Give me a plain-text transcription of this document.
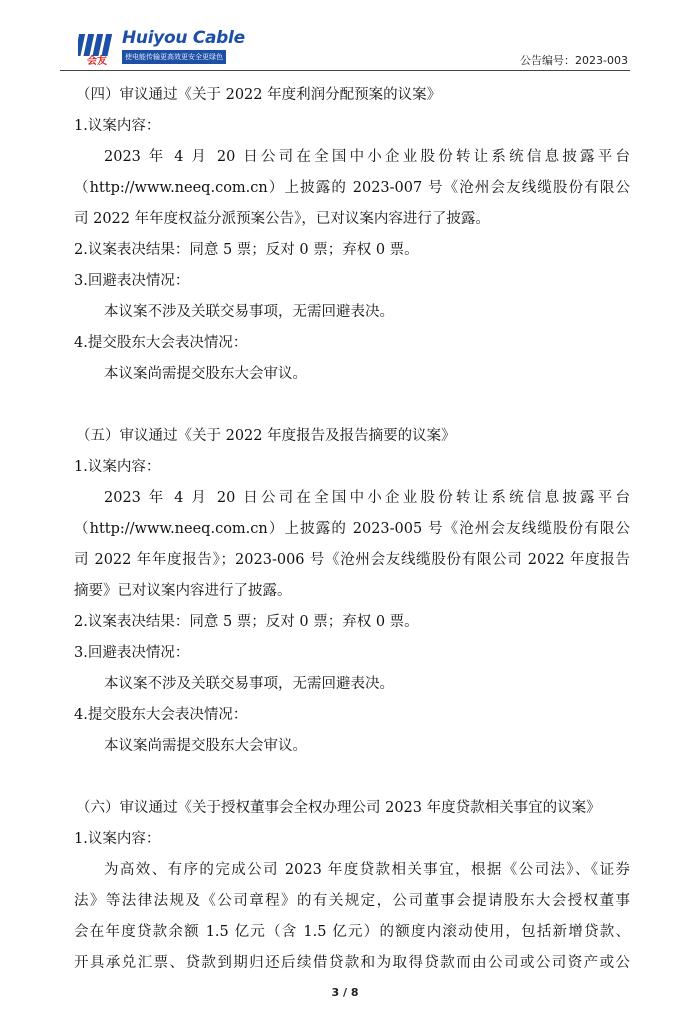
会友
Huiyou Cable
使电能传输更高效更安全更绿色	公告编号：2023-003
（四）审议通过《关于 2022 年度利润分配预案的议案》
1.议案内容：
2023 年 4 月 20 日公司在全国中小企业股份转让系统信息披露平台
（http://www.neeq.com.cn）上披露的 2023-007 号《沧州会友线缆股份有限公
司 2022 年年度权益分派预案公告》，已对议案内容进行了披露。
2.议案表决结果：同意 5 票；反对 0 票；弃权 0 票。
3.回避表决情况：
本议案不涉及关联交易事项，无需回避表决。
4.提交股东大会表决情况：
本议案尚需提交股东大会审议。
（五）审议通过《关于 2022 年度报告及报告摘要的议案》
1.议案内容：
2023 年 4 月 20 日公司在全国中小企业股份转让系统信息披露平台
（http://www.neeq.com.cn）上披露的 2023-005 号《沧州会友线缆股份有限公
司 2022 年年度报告》；2023-006 号《沧州会友线缆股份有限公司 2022 年度报告
摘要》已对议案内容进行了披露。
2.议案表决结果：同意 5 票；反对 0 票；弃权 0 票。
3.回避表决情况：
本议案不涉及关联交易事项，无需回避表决。
4.提交股东大会表决情况：
本议案尚需提交股东大会审议。
（六）审议通过《关于授权董事会全权办理公司 2023 年度贷款相关事宜的议案》
1.议案内容：
为高效、有序的完成公司 2023 年度贷款相关事宜，根据《公司法》、《证券
法》等法律法规及《公司章程》的有关规定，公司董事会提请股东大会授权董事
会在年度贷款余额 1.5 亿元（含 1.5 亿元）的额度内滚动使用，包括新增贷款、
开具承兑汇票、贷款到期归还后续借贷款和为取得贷款而由公司或公司资产或公
3 / 8
